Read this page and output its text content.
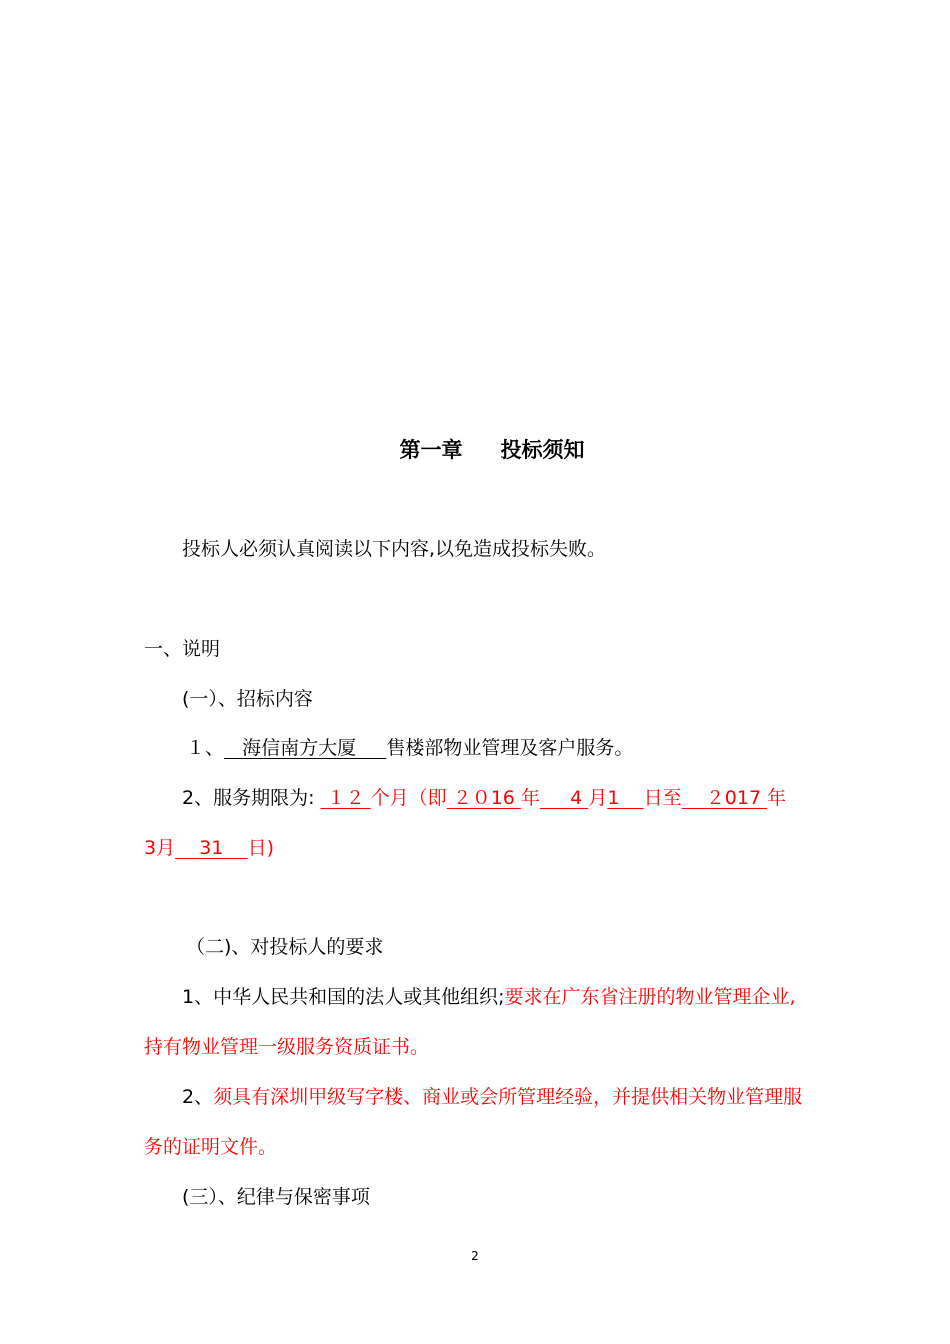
第一章 投标须知
投标人必须认真阅读以下内容,以免造成投标失败。
一、说明
(一）、招标内容
１、 海信南方大厦 售楼部物业管理及客户服务。
2、服务期限为:  １２ 个月（即 ２０16 年 4 月1 日至 ２017 年
3月 31 日)
（二)、对投标人的要求
1、中华人民共和国的法人或其他组织;要求在广东省注册的物业管理企业,
持有物业管理一级服务资质证书。
2、须具有深圳甲级写字楼、商业或会所管理经验，并提供相关物业管理服
务的证明文件。
(三）、纪律与保密事项
2
